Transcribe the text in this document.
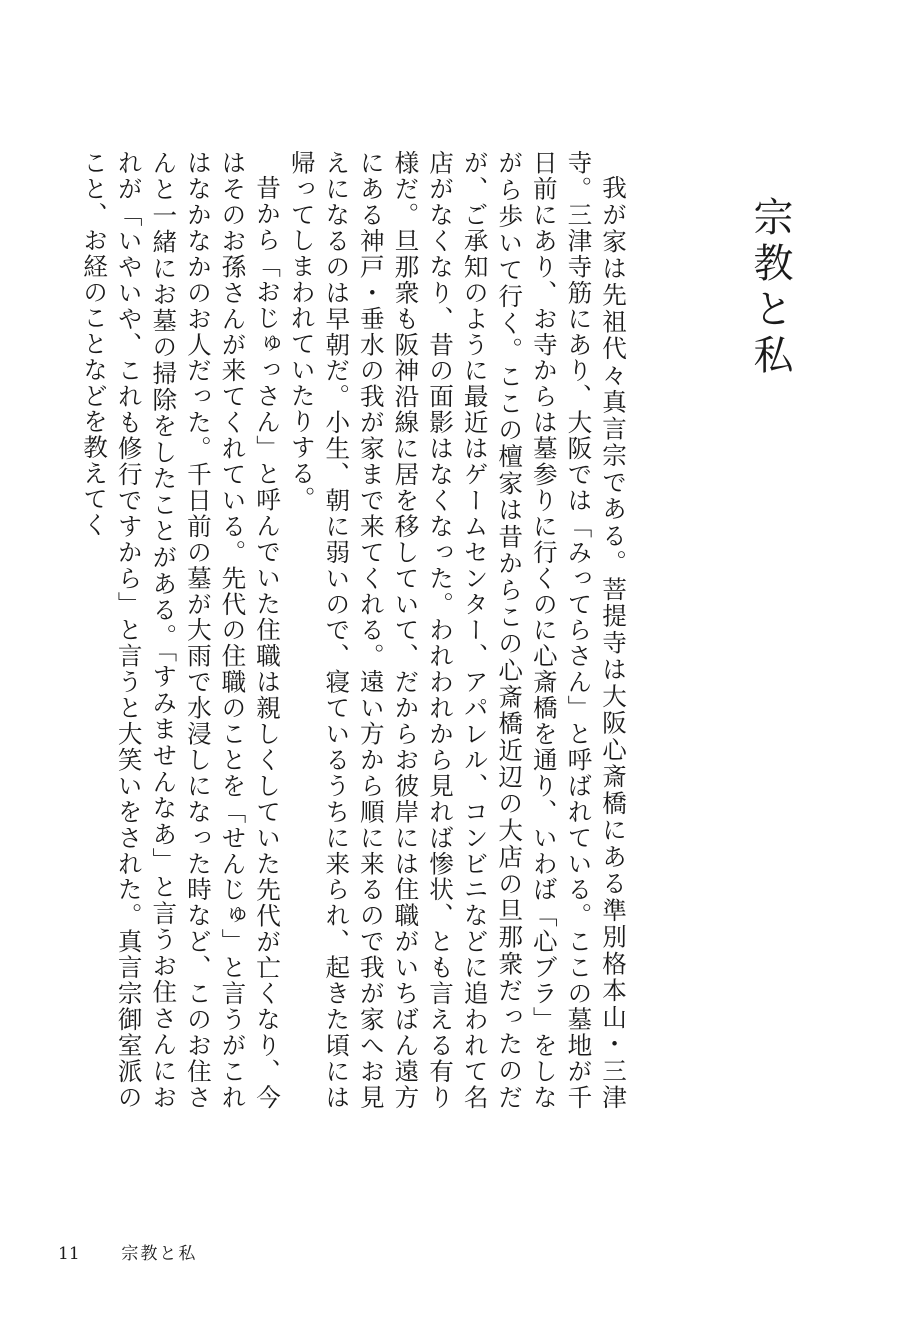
宗教と私

我が家は先祖代々真言宗である。菩提寺は大阪心斎橋にある準別格本山・三津寺。三津寺筋にあり、大阪では「みってらさん」と呼ばれている。ここの墓地が千日前にあり、お寺からは墓参りに行くのに心斎橋を通り、いわば「心ブラ」をしながら歩いて行く。ここの檀家は昔からこの心斎橋近辺の大店の旦那衆だったのだが、ご承知のように最近はゲームセンター、アパレル、コンビニなどに追われて名店がなくなり、昔の面影はなくなった。われわれから見れば惨状、とも言える有り様だ。旦那衆も阪神沿線に居を移していて、だからお彼岸には住職がいちばん遠方にある神戸・垂水の我が家まで来てくれる。遠い方から順に来るので我が家へお見えになるのは早朝だ。小生、朝に弱いので、寝ているうちに来られ、起きた頃には帰ってしまわれていたりする。

昔から「おじゅっさん」と呼んでいた住職は親しくしていた先代が亡くなり、今はそのお孫さんが来てくれている。先代の住職のことを「せんじゅ」と言うがこれはなかなかのお人だった。千日前の墓が大雨で水浸しになった時など、このお住さんと一緒にお墓の掃除をしたことがある。「すみませんなあ」と言うお住さんにおれが「いやいや、これも修行ですから」と言うと大笑いをされた。真言宗御室派のこと、お経のことなどを教えてく

11 宗教と私
